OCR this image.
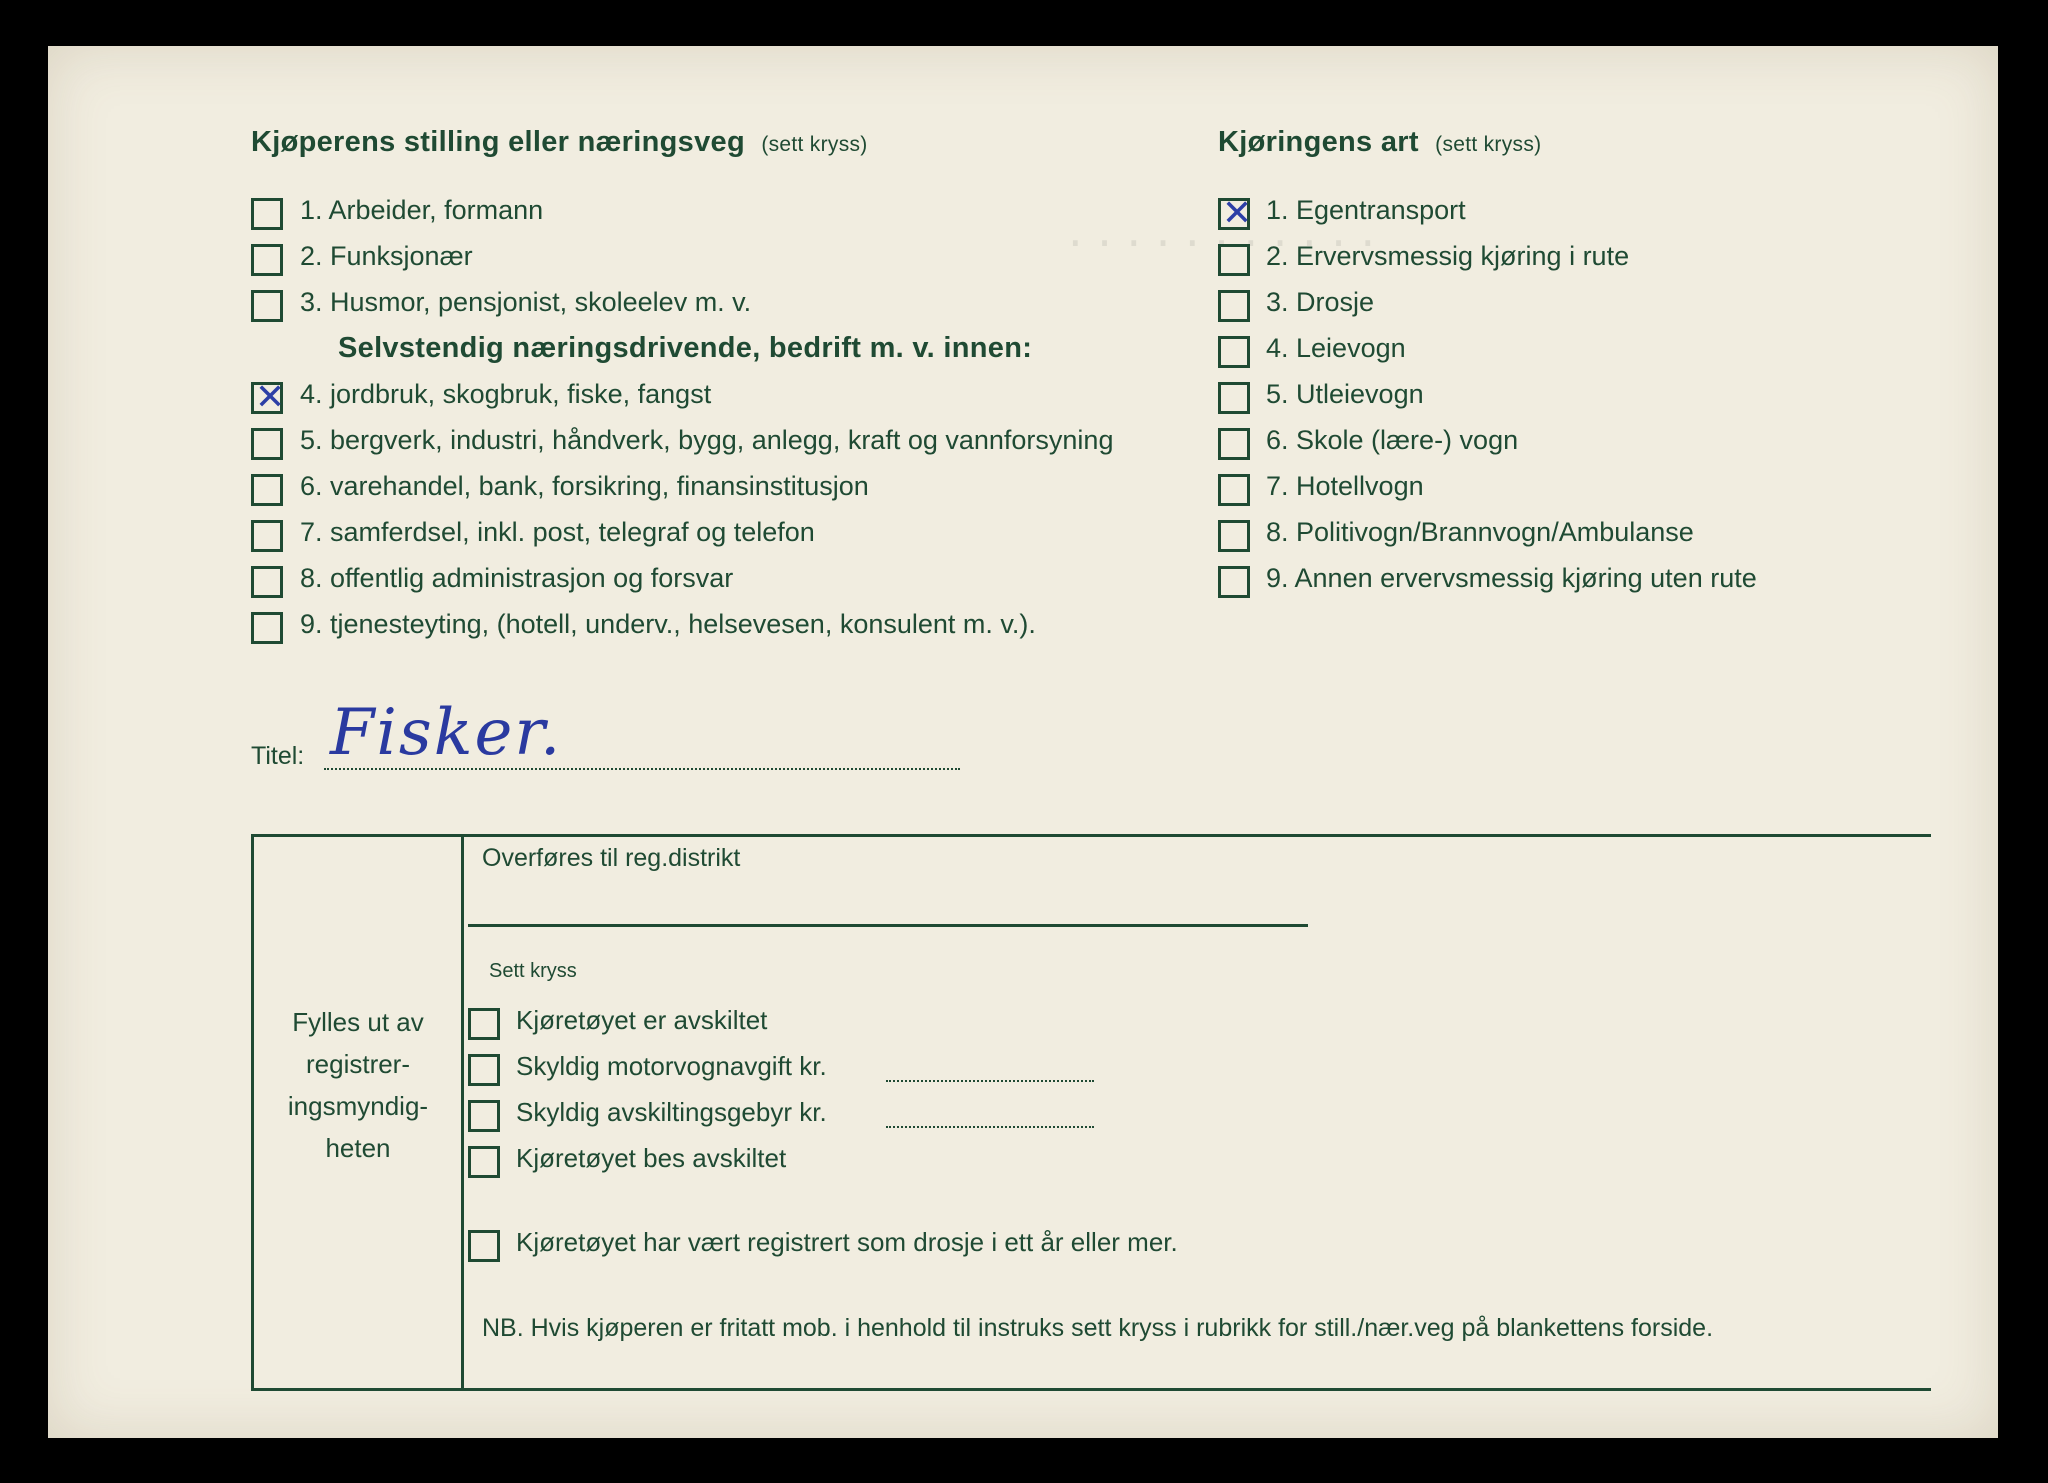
· · · · · · · · · · ·
Kjøperens stilling eller næringsveg (sett kryss)
1. Arbeider, formann
2. Funksjonær
3. Husmor, pensjonist, skoleelev m. v.
Selvstendig næringsdrivende, bedrift m. v. innen:
✕
4. jordbruk, skogbruk, fiske, fangst
5. bergverk, industri, håndverk, bygg, anlegg, kraft og vannforsyning
6. varehandel, bank, forsikring, finansinstitusjon
7. samferdsel, inkl. post, telegraf og telefon
8. offentlig administrasjon og forsvar
9. tjenesteyting, (hotell, underv., helsevesen, konsulent m. v.).
Kjøringens art (sett kryss)
✕
1. Egentransport
2. Ervervsmessig kjøring i rute
3. Drosje
4. Leievogn
5. Utleievogn
6. Skole (lære-) vogn
7. Hotellvogn
8. Politivogn/Brannvogn/Ambulanse
9. Annen ervervsmessig kjøring uten rute
Titel: Fisker.
Fylles ut av registrer- ingsmyndig- heten
Overføres til reg.distrikt
Sett kryss
Kjøretøyet er avskiltet
Skyldig motorvognavgift kr.
Skyldig avskiltingsgebyr kr.
Kjøretøyet bes avskiltet
Kjøretøyet har vært registrert som drosje i ett år eller mer.
NB. Hvis kjøperen er fritatt mob. i henhold til instruks sett kryss i rubrikk for still./nær.veg på blankettens forside.
